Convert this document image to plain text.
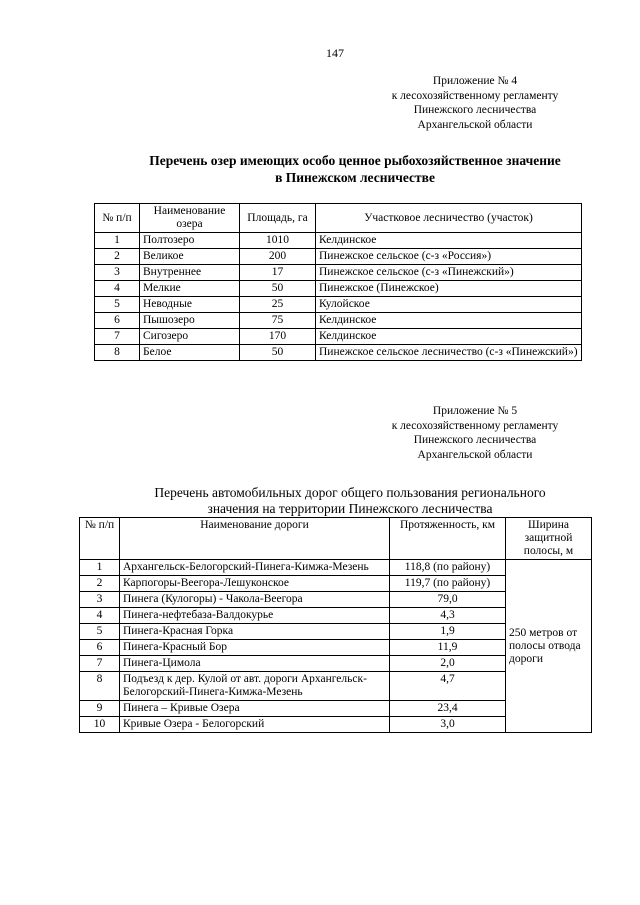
147
Приложение № 4
к лесохозяйственному регламенту
Пинежского лесничества
Архангельской области
Перечень озер имеющих особо ценное рыбохозяйственное значение
в Пинежском лесничестве
№ п/п	Наименование озера	Площадь, га	Участковое лесничество (участок)
1	Полтозеро	1010	Келдинское
2	Великое	200	Пинежское сельское (с-з «Россия»)
3	Внутреннее	17	Пинежское сельское (с-з «Пинежский»)
4	Мелкие	50	Пинежское (Пинежское)
5	Неводные	25	Кулойское
6	Пышозеро	75	Келдинское
7	Сигозеро	170	Келдинское
8	Белое	50	Пинежское сельское лесничество (с-з «Пинежский»)
Приложение № 5
к лесохозяйственному регламенту
Пинежского лесничества
Архангельской области
Перечень автомобильных дорог общего пользования регионального
значения на территории Пинежского лесничества
№ п/п	Наименование дороги	Протяженность, км	Ширина защитной полосы, м
1	Архангельск-Белогорский-Пинега-Кимжа-Мезень	118,8 (по району)	250 метров от полосы отвода дороги
2	Карпогоры-Веегора-Лешуконское	119,7 (по району)	
3	Пинега (Кулогоры) - Чакола-Веегора	79,0	
4	Пинега-нефтебаза-Валдокурье	4,3	
5	Пинега-Красная Горка	1,9	
6	Пинега-Красный Бор	11,9	
7	Пинега-Цимола	2,0	
8	Подъезд к дер. Кулой от авт. дороги Архангельск-Белогорский-Пинега-Кимжа-Мезень	4,7	
9	Пинега – Кривые Озера	23,4	
10	Кривые Озера - Белогорский	3,0	
